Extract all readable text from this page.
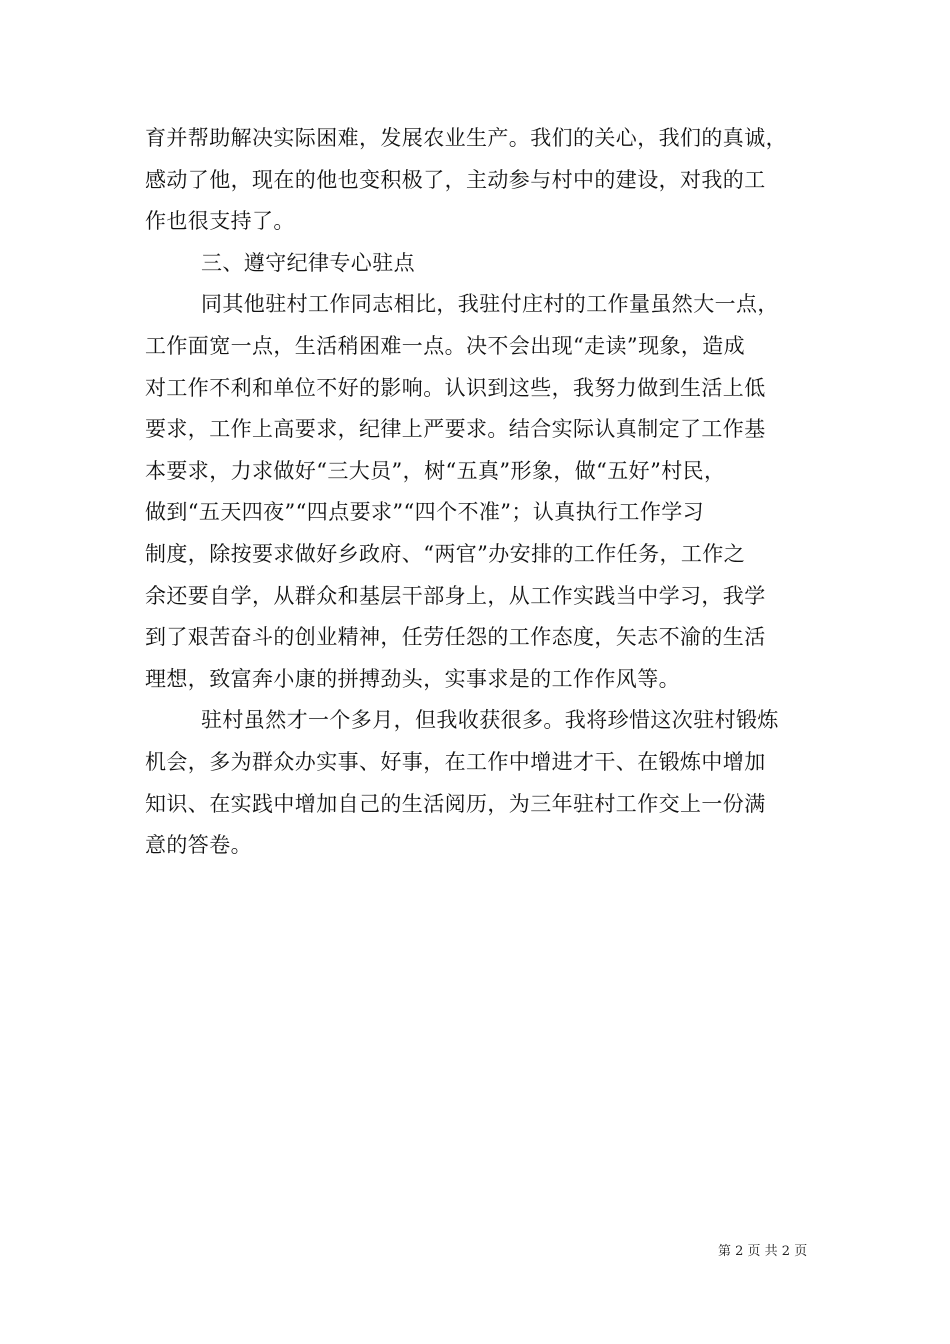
育并帮助解决实际困难，发展农业生产。我们的关心，我们的真诚，
感动了他，现在的他也变积极了，主动参与村中的建设，对我的工
作也很支持了。
三、遵守纪律专心驻点
同其他驻村工作同志相比，我驻付庄村的工作量虽然大一点，
工作面宽一点，生活稍困难一点。决不会出现“走读”现象，造成
对工作不利和单位不好的影响。认识到这些，我努力做到生活上低
要求，工作上高要求，纪律上严要求。结合实际认真制定了工作基
本要求，力求做好“三大员”，树“五真”形象，做“五好”村民，
做到“五天四夜”“四点要求”“四个不准”；认真执行工作学习
制度，除按要求做好乡政府、“两官”办安排的工作任务，工作之
余还要自学，从群众和基层干部身上，从工作实践当中学习，我学
到了艰苦奋斗的创业精神，任劳任怨的工作态度，矢志不渝的生活
理想，致富奔小康的拼搏劲头，实事求是的工作作风等。
驻村虽然才一个多月，但我收获很多。我将珍惜这次驻村锻炼
机会，多为群众办实事、好事，在工作中增进才干、在锻炼中增加
知识、在实践中增加自己的生活阅历，为三年驻村工作交上一份满
意的答卷。
第 2 页 共 2 页
